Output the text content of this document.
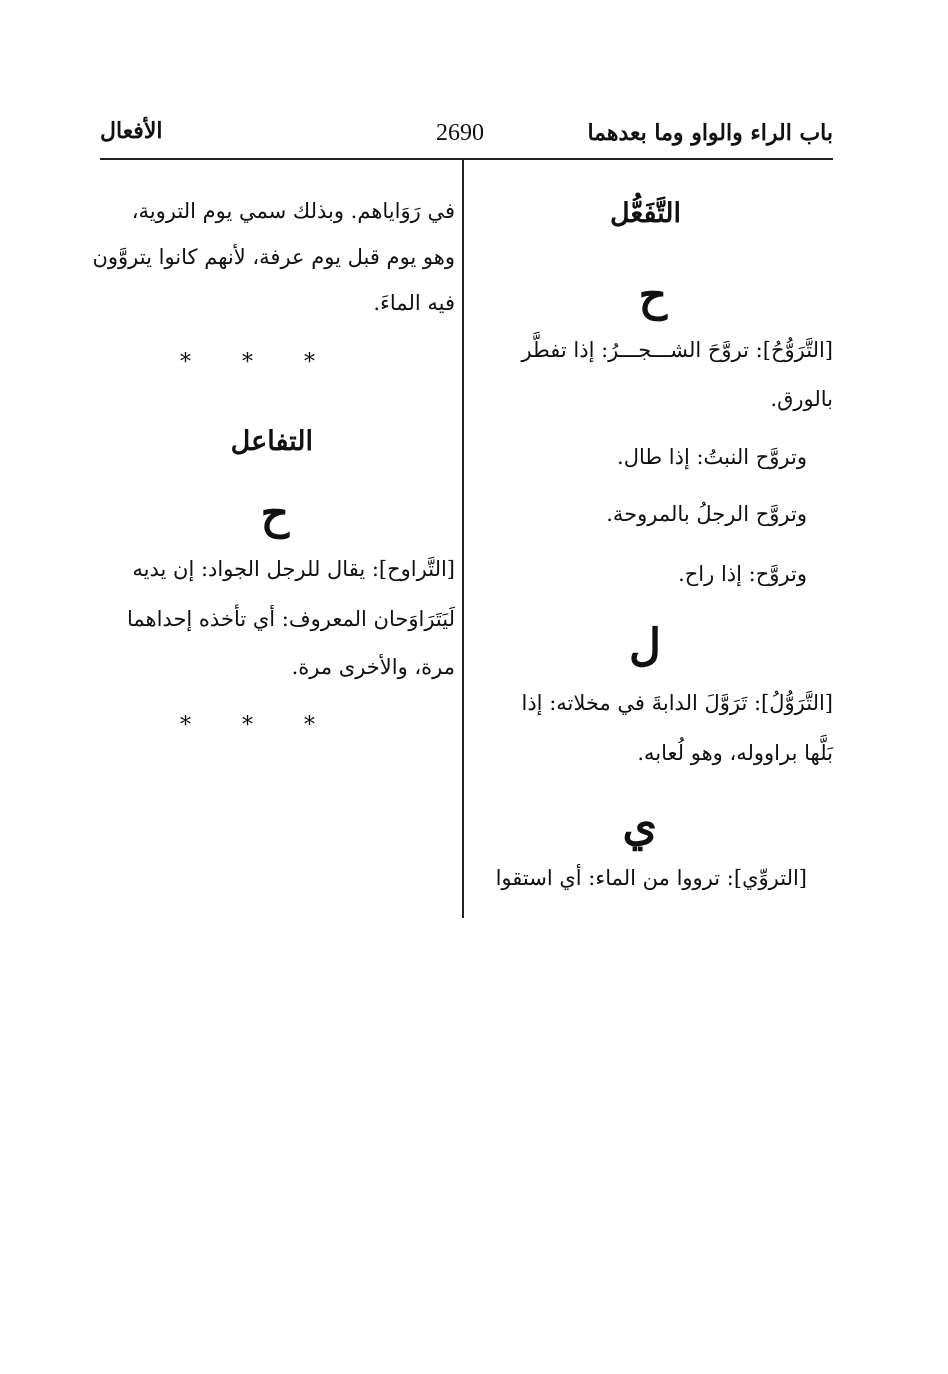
باب الراء والواو وما بعدهما
2690
الأفعال
التَّفَعُّل
ح
[التَّرَوُّحُ]: تروَّحَ الشـــجـــرُ: إذا تفطَّر
بالورق.
وتروَّح النبتُ: إذا طال.
وتروَّح الرجلُ بالمروحة.
وتروَّح: إذا راح.
ل
[التَّرَوُّلُ]: تَرَوَّلَ الدابةَ في مخلاته: إذا
بَلَّها براووله، وهو لُعابه.
ي
[التروِّي]: ترووا من الماء: أي استقوا
في رَوَاياهم. وبذلك سمي يوم التروية،
وهو يوم قبل يوم عرفة، لأنهم كانوا يتروَّون
فيه الماءَ.
* * *
التفاعل
ح
[التَّراوح]: يقال للرجل الجواد: إن يديه
لَيَتَرَاوَحان المعروف: أي تأخذه إحداهما
مرة، والأخرى مرة.
* * *
